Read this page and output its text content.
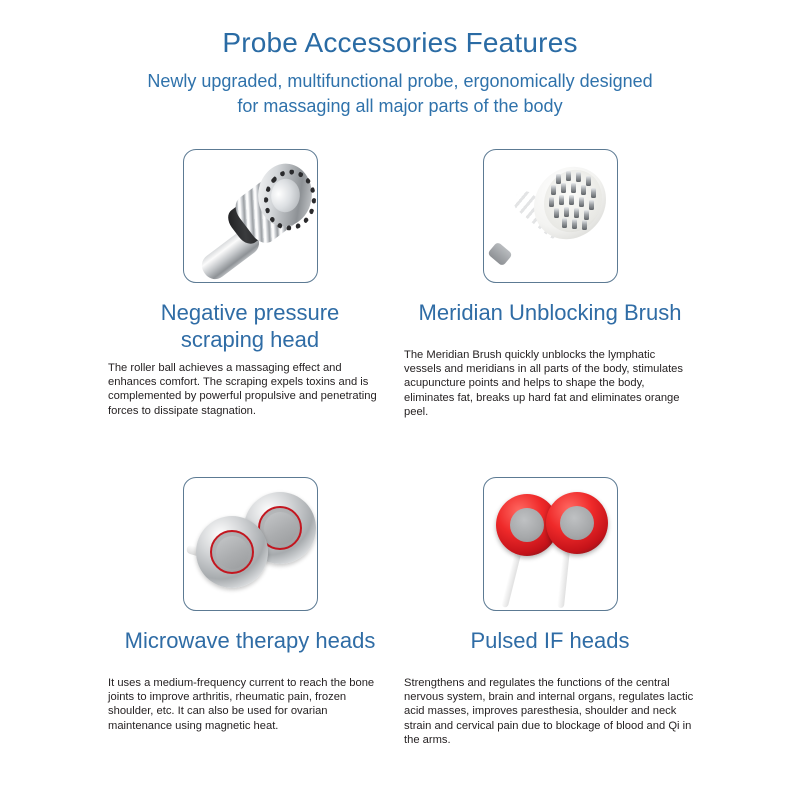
Probe Accessories Features

Newly upgraded, multifunctional probe, ergonomically designed for massaging all major parts of the body

Negative pressure
scraping head

The roller ball achieves a massaging effect and enhances comfort. The scraping expels toxins and is complemented by powerful propulsive and penetrating forces to dissipate stagnation.

Meridian Unblocking Brush

The Meridian Brush quickly unblocks the lymphatic vessels and meridians in all parts of the body, stimulates acupuncture points and helps to shape the body, eliminates fat, breaks up hard fat and eliminates orange peel.

Microwave therapy heads

It uses a medium-frequency current to reach the bone joints to improve arthritis, rheumatic pain, frozen shoulder, etc. It can also be used for ovarian maintenance using magnetic heat.

Pulsed IF heads

Strengthens and regulates the functions of the central nervous system, brain and internal organs, regulates lactic acid masses, improves paresthesia, shoulder and neck strain and cervical pain due to blockage of blood and Qi in the arms.
